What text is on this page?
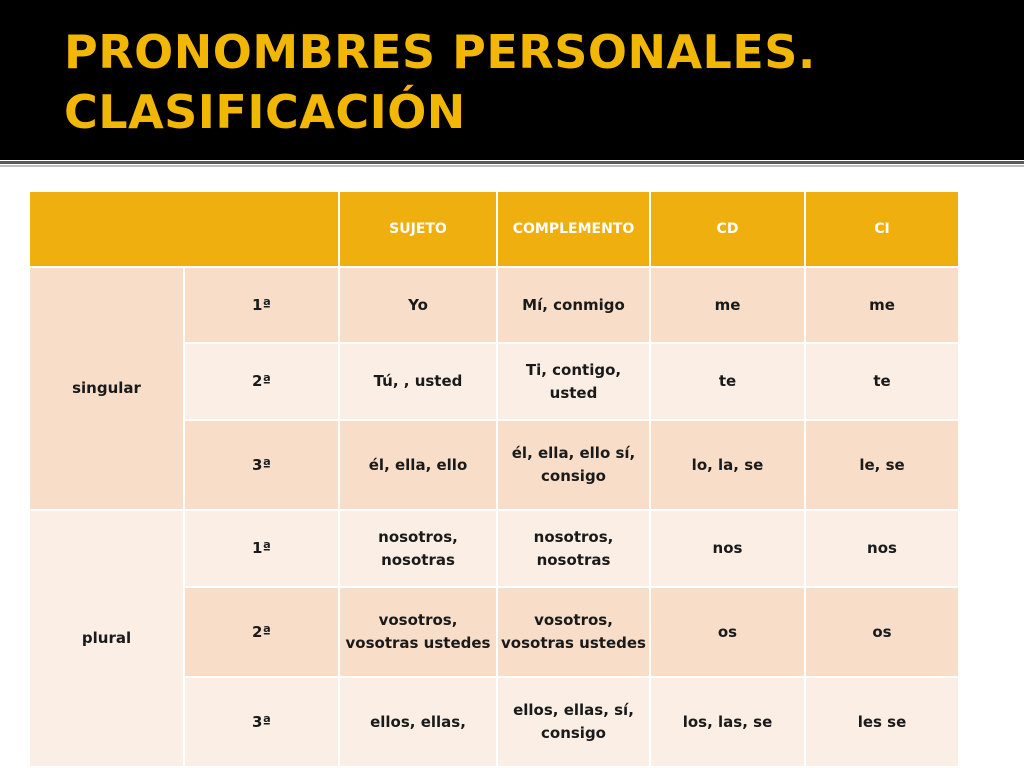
PRONOMBRES PERSONALES.
CLASIFICACIÓN
		SUJETO	COMPLEMENTO	CD	CI
singular	1ª	Yo	Mí, conmigo	me	me
	2ª	Tú, , usted	Ti, contigo, usted	te	te
	3ª	él, ella, ello	él, ella, ello sí, consigo	lo, la, se	le, se
plural	1ª	nosotros, nosotras	nosotros, nosotras	nos	nos
	2ª	vosotros, vosotras ustedes	vosotros, vosotras ustedes	os	os
	3ª	ellos, ellas,	ellos, ellas, sí, consigo	los, las, se	les se
